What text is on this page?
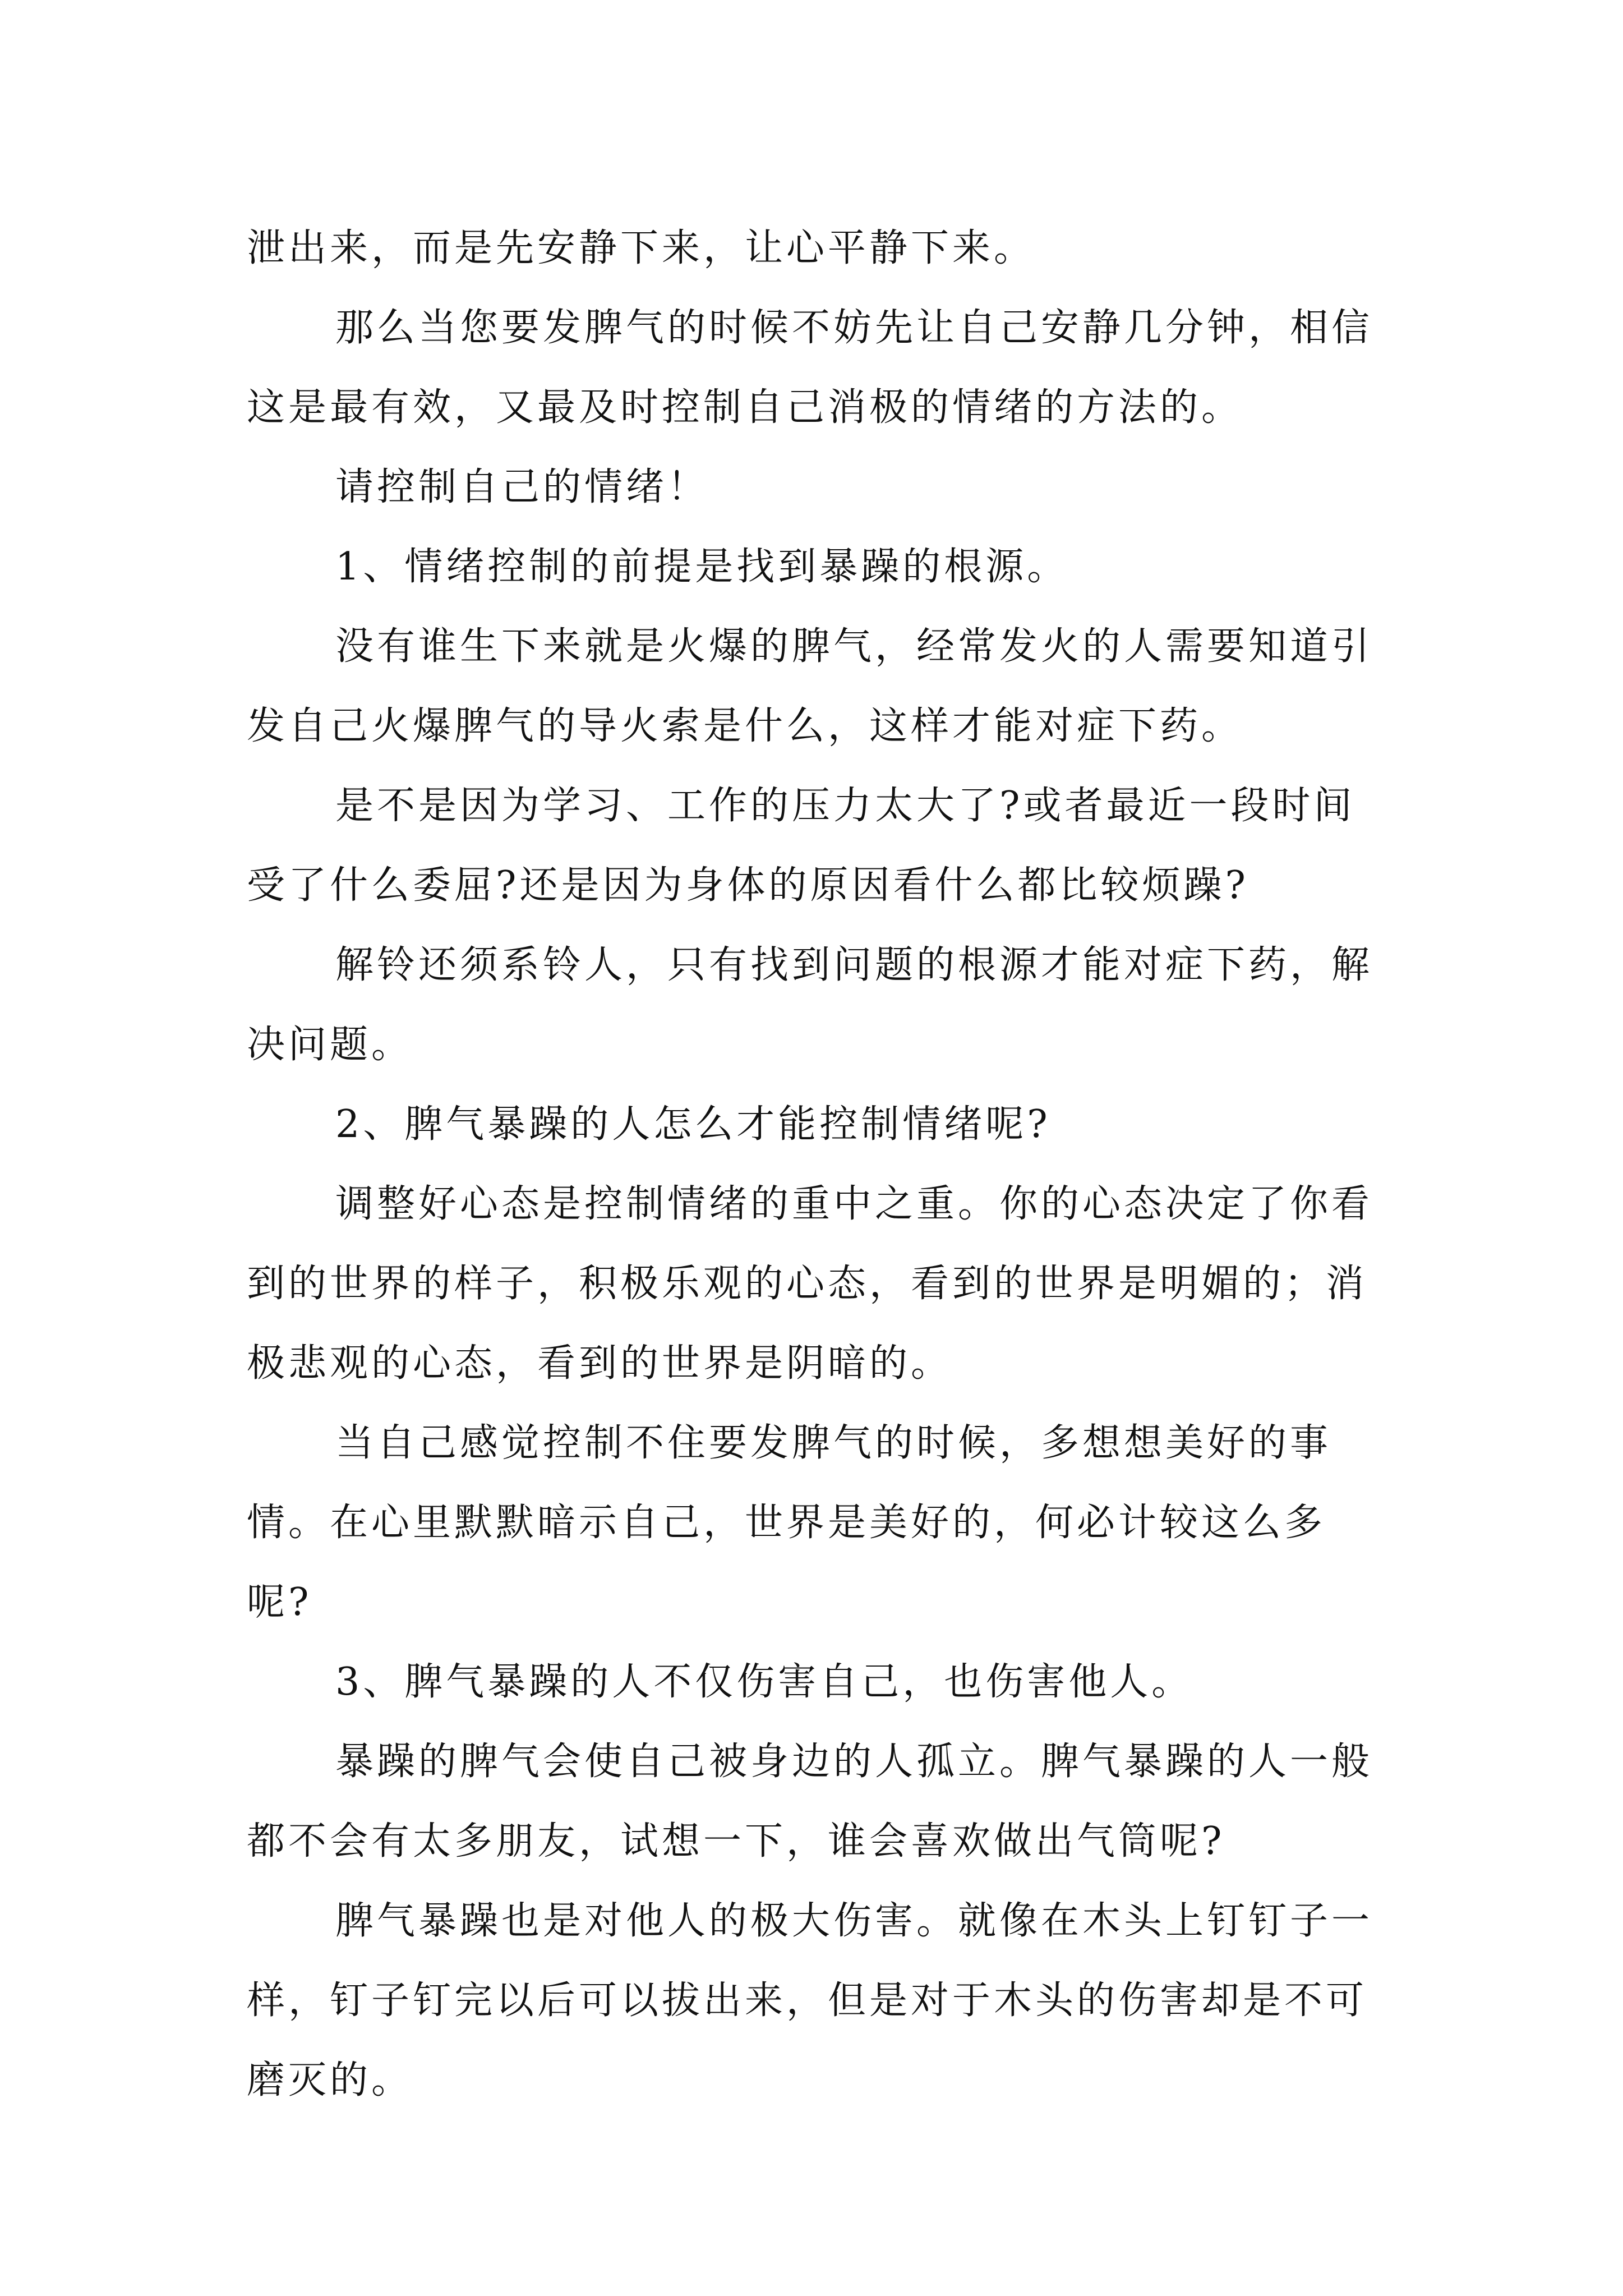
泄出来，而是先安静下来，让心平静下来。

那么当您要发脾气的时候不妨先让自己安静几分钟，相信这是最有效，又最及时控制自己消极的情绪的方法的。

请控制自己的情绪！

1、情绪控制的前提是找到暴躁的根源。

没有谁生下来就是火爆的脾气，经常发火的人需要知道引发自己火爆脾气的导火索是什么，这样才能对症下药。

是不是因为学习、工作的压力太大了?或者最近一段时间受了什么委屈?还是因为身体的原因看什么都比较烦躁?

解铃还须系铃人，只有找到问题的根源才能对症下药，解决问题。

2、脾气暴躁的人怎么才能控制情绪呢?

调整好心态是控制情绪的重中之重。你的心态决定了你看到的世界的样子，积极乐观的心态，看到的世界是明媚的；消极悲观的心态，看到的世界是阴暗的。

当自己感觉控制不住要发脾气的时候，多想想美好的事情。在心里默默暗示自己，世界是美好的，何必计较这么多呢?

3、脾气暴躁的人不仅伤害自己，也伤害他人。

暴躁的脾气会使自己被身边的人孤立。脾气暴躁的人一般都不会有太多朋友，试想一下，谁会喜欢做出气筒呢?

脾气暴躁也是对他人的极大伤害。就像在木头上钉钉子一样，钉子钉完以后可以拔出来，但是对于木头的伤害却是不可磨灭的。
